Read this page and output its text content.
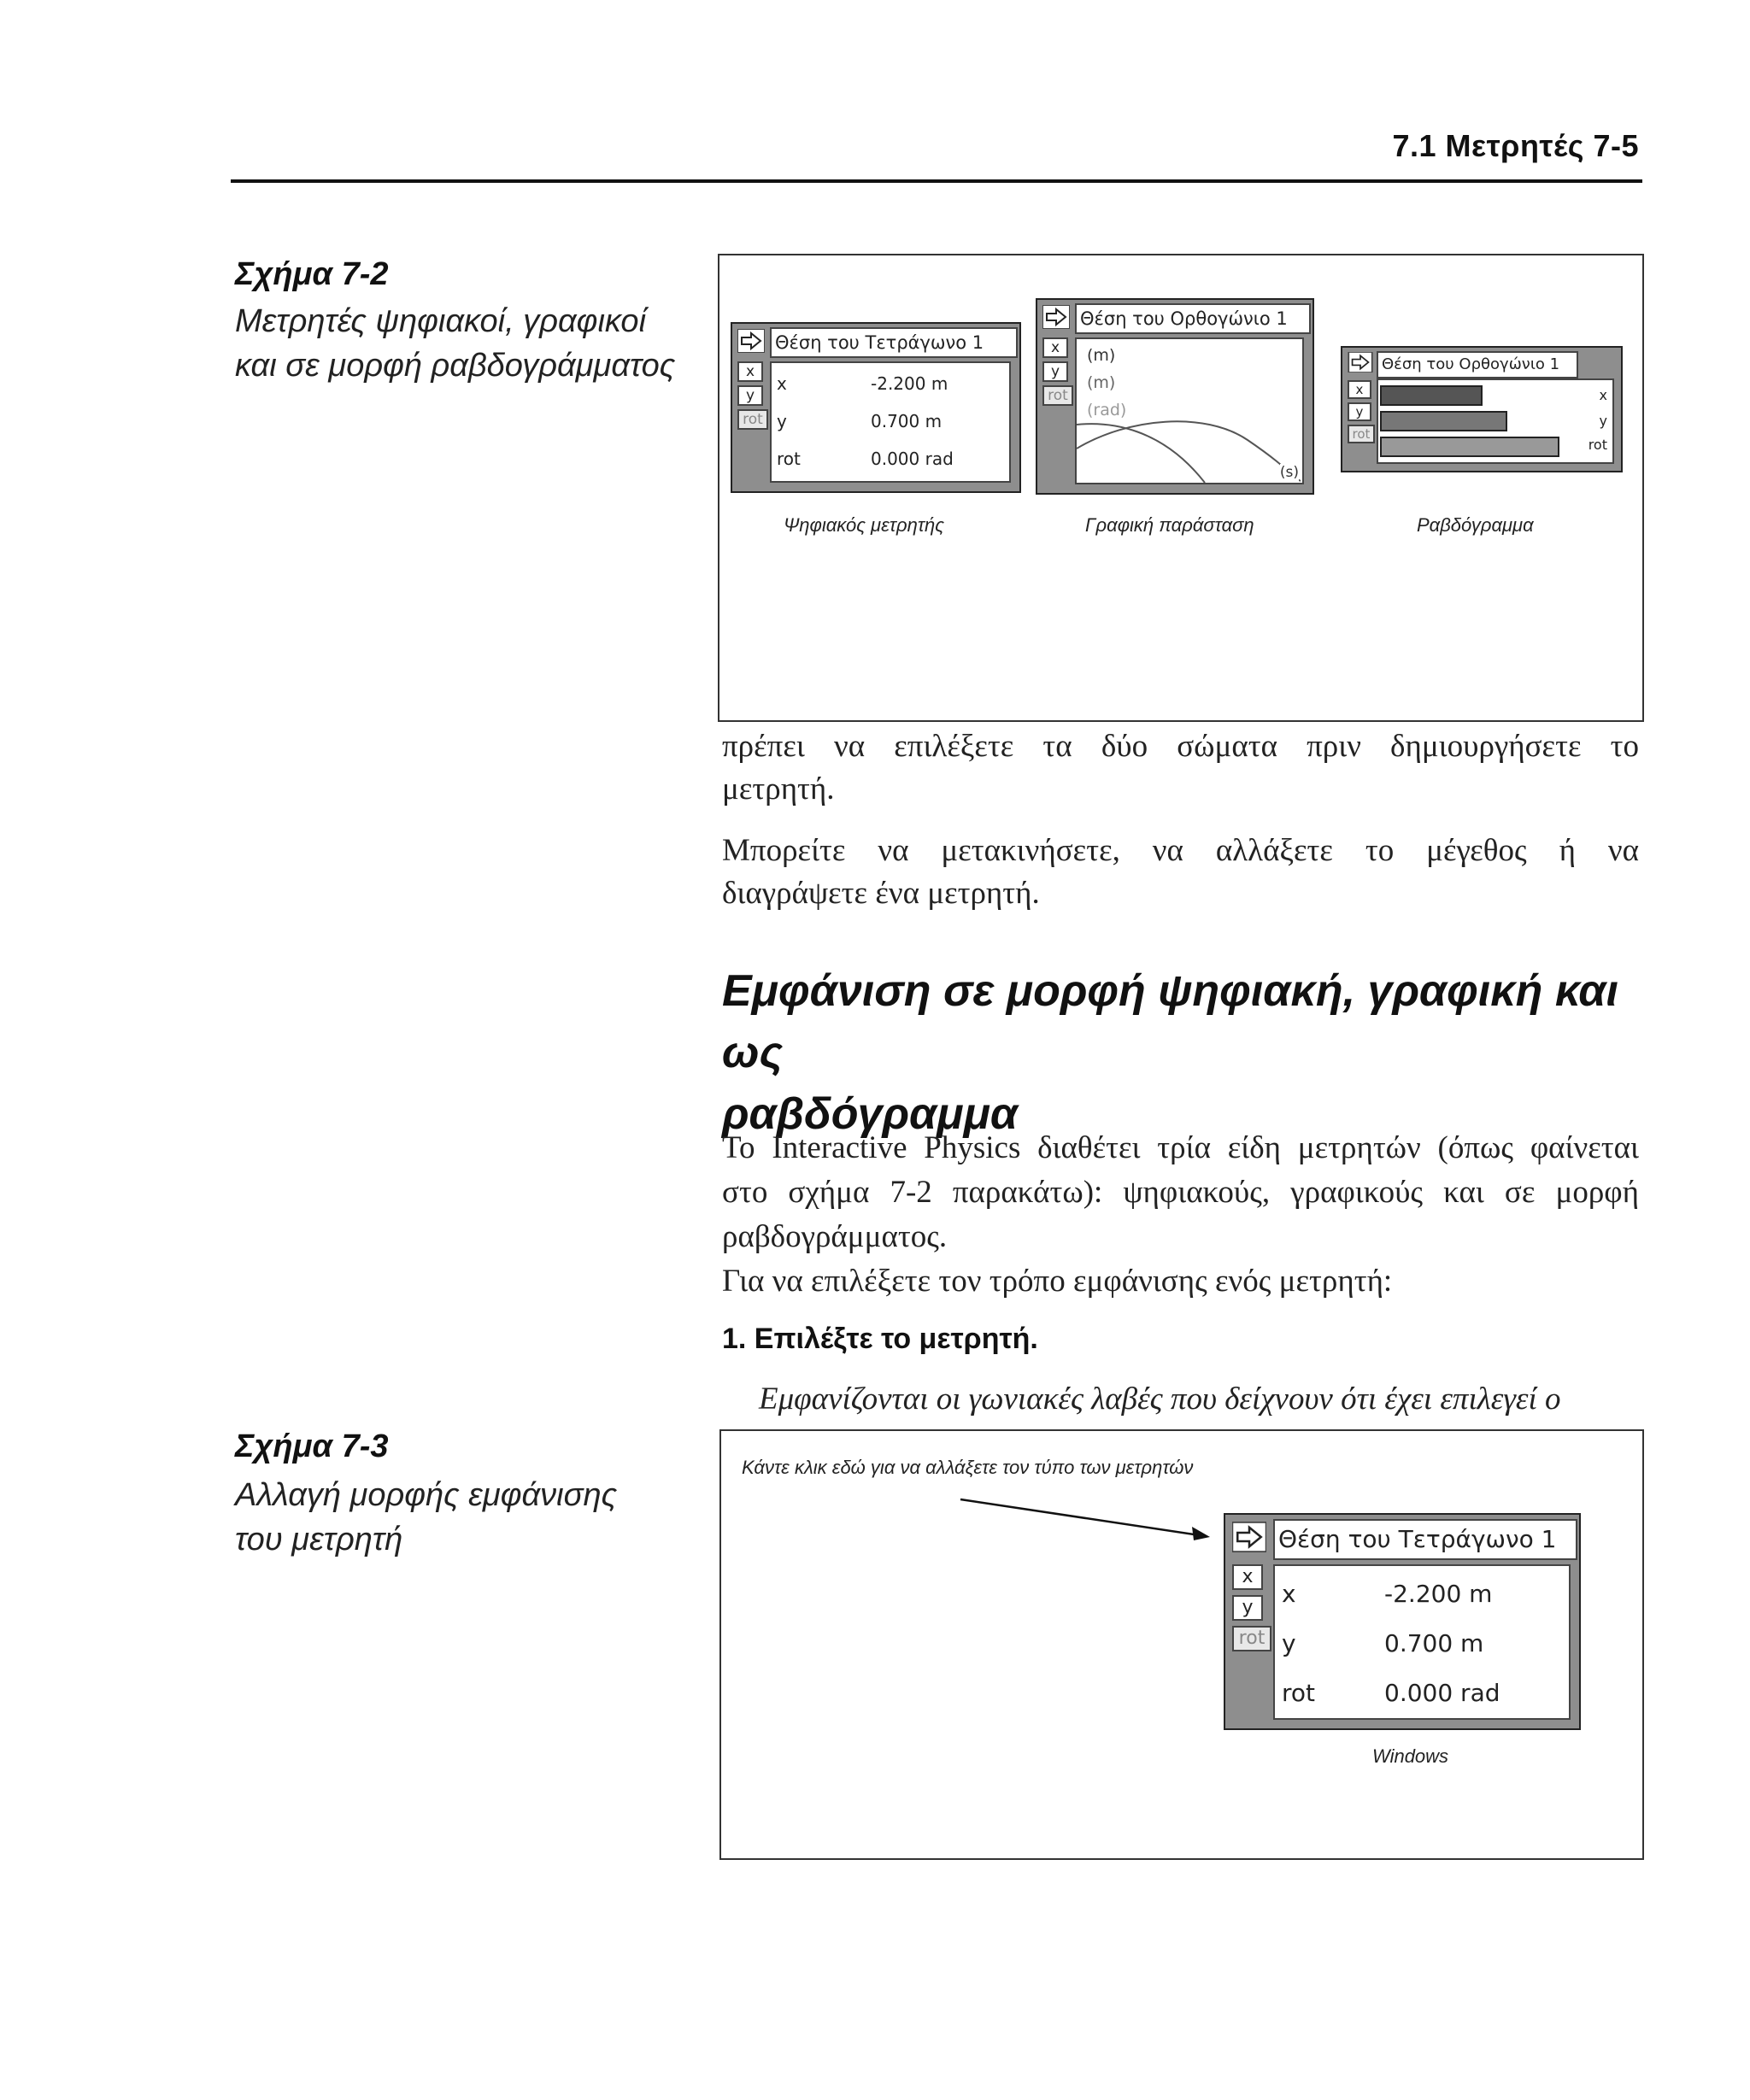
7.1 Μετρητές 7-5
Σχήμα 7-2
Μετρητές ψηφιακοί, γραφικοί
και σε μορφή ραβδογράμματος
Θέση του Τετράγωνο 1
x
y
rot
x	-2.200 m
y	0.700 m
rot	0.000 rad
Ψηφιακός μετρητής
Θέση του Ορθογώνιο 1
x
y
rot
(m)
(m)
(rad)
(s)
Γραφική παράσταση
Θέση του Ορθογώνιο 1
x
y
rot
x
y
rot
Ραβδόγραμμα
πρέπει να επιλέξετε τα δύο σώματα πριν δημιουργήσετε το
μετρητή.
Μπορείτε να μετακινήσετε, να αλλάξετε το μέγεθος ή να
διαγράψετε ένα μετρητή.
Εμφάνιση σε μορφή ψηφιακή, γραφική και ως
ραβδόγραμμα
Το Interactive Physics διαθέτει τρία είδη μετρητών (όπως φαίνεται
στο σχήμα 7-2 παρακάτω): ψηφιακούς, γραφικούς και σε μορφή
ραβδογράμματος.
Για να επιλέξετε τον τρόπο εμφάνισης ενός μετρητή:
1. Επιλέξτε το μετρητή.
Εμφανίζονται οι γωνιακές λαβές που δείχνουν ότι έχει επιλεγεί ο
Σχήμα 7-3
Αλλαγή μορφής εμφάνισης
του μετρητή
Κάντε κλικ εδώ για να αλλάξετε τον τύπο των μετρητών
Θέση του Τετράγωνο 1
x
y
rot
x	-2.200 m
y	0.700 m
rot	0.000 rad
Windows
